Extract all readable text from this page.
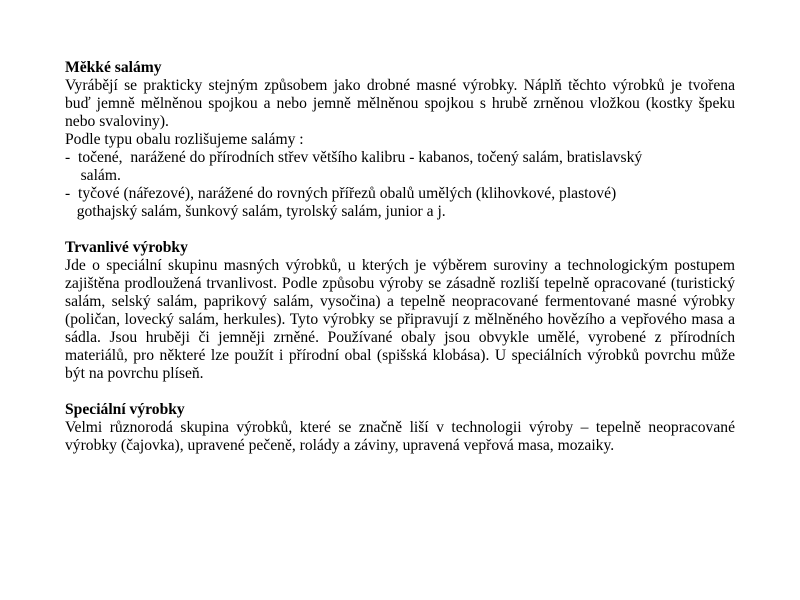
Měkké salámy
Vyrábějí se prakticky stejným způsobem jako drobné masné výrobky. Náplň těchto výrobků je tvořena
buď jemně mělněnou spojkou a nebo jemně mělněnou spojkou s hrubě zrněnou vložkou (kostky špeku
nebo svaloviny).
Podle typu obalu rozlišujeme salámy :
-  točené,  narážené do přírodních střev většího kalibru - kabanos, točený salám, bratislavský
salám.
-  tyčové (nářezové), narážené do rovných přířezů obalů umělých (klihovkové, plastové)
gothajský salám, šunkový salám, tyrolský salám, junior a j.
Trvanlivé výrobky
Jde o speciální skupinu masných výrobků, u kterých je výběrem suroviny a technologickým postupem
zajištěna prodloužená trvanlivost. Podle způsobu výroby se zásadně rozliší tepelně opracované (turistický
salám, selský salám, paprikový salám, vysočina) a tepelně neopracované fermentované masné výrobky
(poličan, lovecký salám, herkules). Tyto výrobky se připravují z mělněného hovězího a vepřového masa a
sádla. Jsou hruběji či jemněji zrněné. Používané obaly jsou obvykle umělé, vyrobené z přírodních
materiálů, pro některé lze použít i přírodní obal (spišská klobása). U speciálních výrobků povrchu může
být na povrchu plíseň.
Speciální výrobky
Velmi různorodá skupina výrobků, které se značně liší v technologii výroby – tepelně neopracované
výrobky (čajovka), upravené pečeně, rolády a záviny, upravená vepřová masa, mozaiky.
